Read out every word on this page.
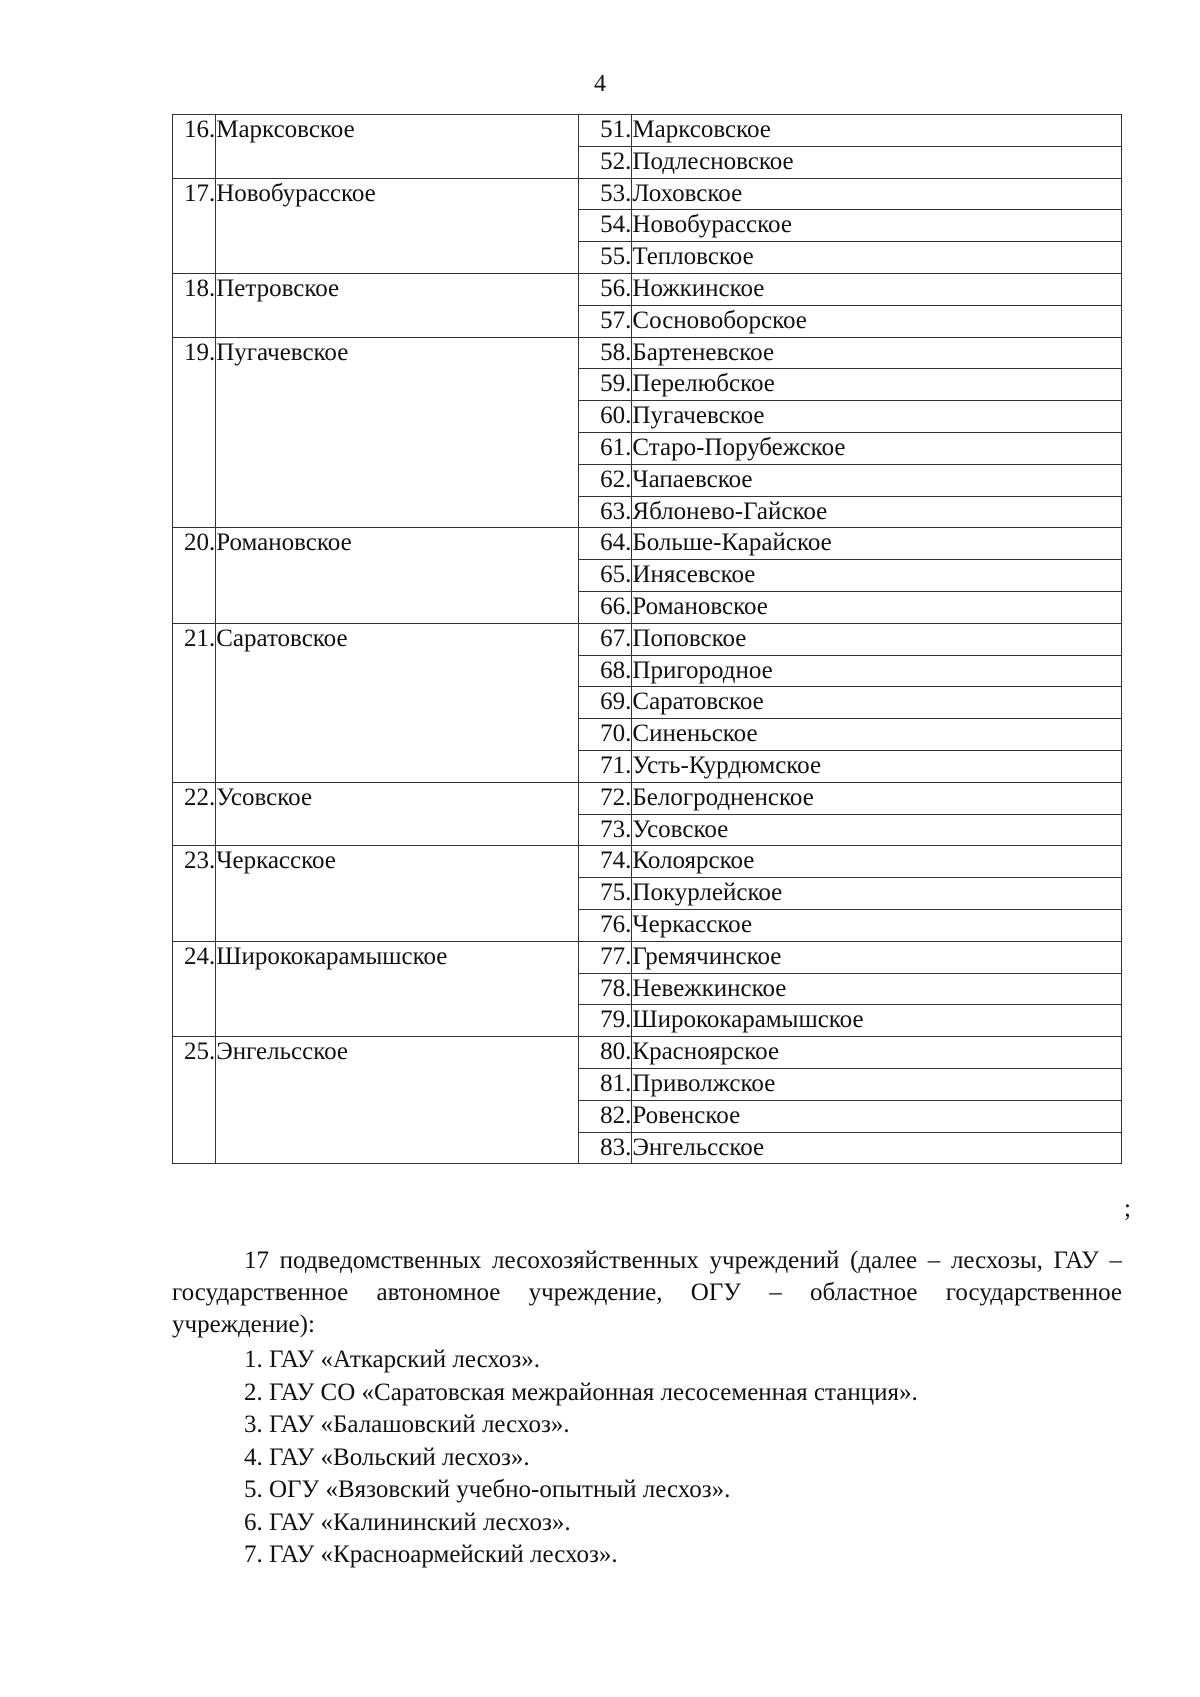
4
16.	Марксовское	51.	Марксовское
		52.	Подлесновское
17.	Новобурасское	53.	Лоховское
		54.	Новобурасское
		55.	Тепловское
18.	Петровское	56.	Ножкинское
		57.	Сосновоборское
19.	Пугачевское	58.	Бартеневское
		59.	Перелюбское
		60.	Пугачевское
		61.	Старо-Порубежское
		62.	Чапаевское
		63.	Яблонево-Гайское
20.	Романовское	64.	Больше-Карайское
		65.	Инясевское
		66.	Романовское
21.	Саратовское	67.	Поповское
		68.	Пригородное
		69.	Саратовское
		70.	Синеньское
		71.	Усть-Курдюмское
22.	Усовское	72.	Белогродненское
		73.	Усовское
23.	Черкасское	74.	Колоярское
		75.	Покурлейское
		76.	Черкасское
24.	Ширококарамышское	77.	Гремячинское
		78.	Невежкинское
		79.	Ширококарамышское
25.	Энгельсское	80.	Красноярское
		81.	Приволжское
		82.	Ровенское
		83.	Энгельсское
;

17 подведомственных лесохозяйственных учреждений (далее – лесхозы, ГАУ – государственное автономное учреждение, ОГУ – областное государственное учреждение):

1. ГАУ «Аткарский лесхоз».
2. ГАУ СО «Саратовская межрайонная лесосеменная станция».
3. ГАУ «Балашовский лесхоз».
4. ГАУ «Вольский лесхоз».
5. ОГУ «Вязовский учебно-опытный лесхоз».
6. ГАУ «Калининский лесхоз».
7. ГАУ «Красноармейский лесхоз».
